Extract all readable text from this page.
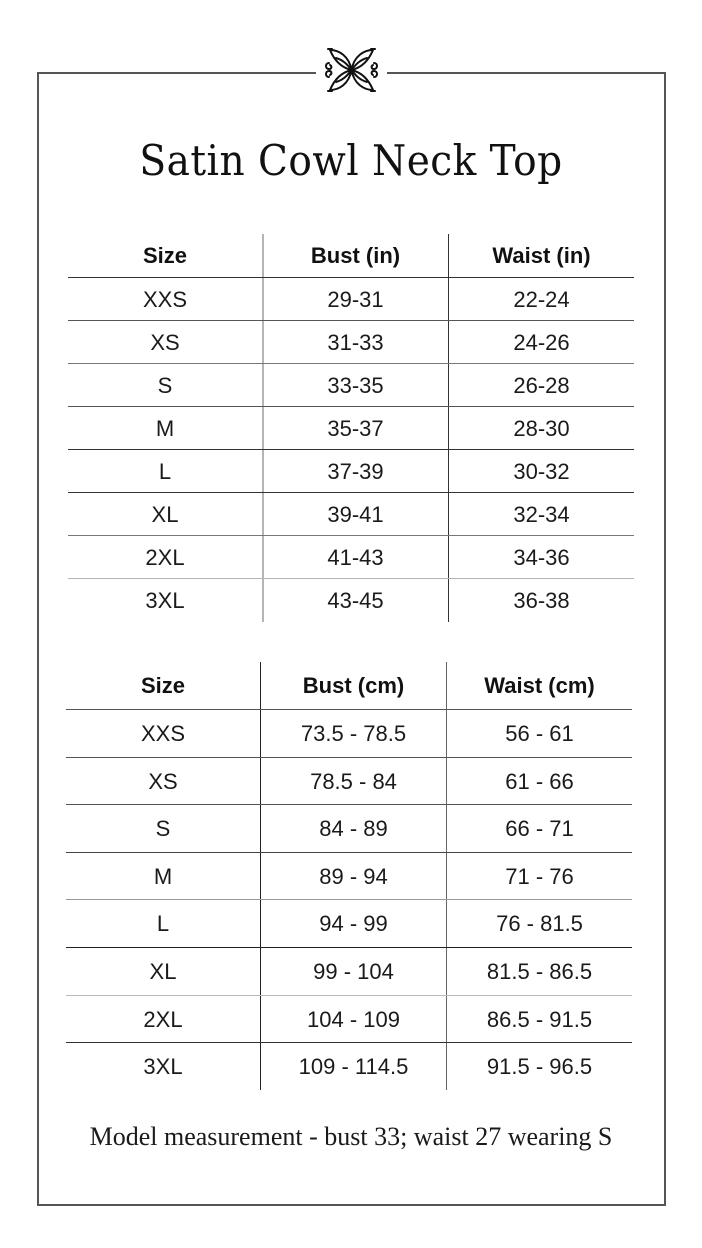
Satin Cowl Neck Top
Size	Bust (in)	Waist (in)
XXS	29-31	22-24
XS	31-33	24-26
S	33-35	26-28
M	35-37	28-30
L	37-39	30-32
XL	39-41	32-34
2XL	41-43	34-36
3XL	43-45	36-38
Size	Bust (cm)	Waist (cm)
XXS	73.5 - 78.5	56 - 61
XS	78.5 - 84	61 - 66
S	84 - 89	66 - 71
M	89 - 94	71 - 76
L	94 - 99	76 - 81.5
XL	99 - 104	81.5 - 86.5
2XL	104 - 109	86.5 - 91.5
3XL	109 - 114.5	91.5 - 96.5
Model measurement - bust 33; waist 27 wearing S
